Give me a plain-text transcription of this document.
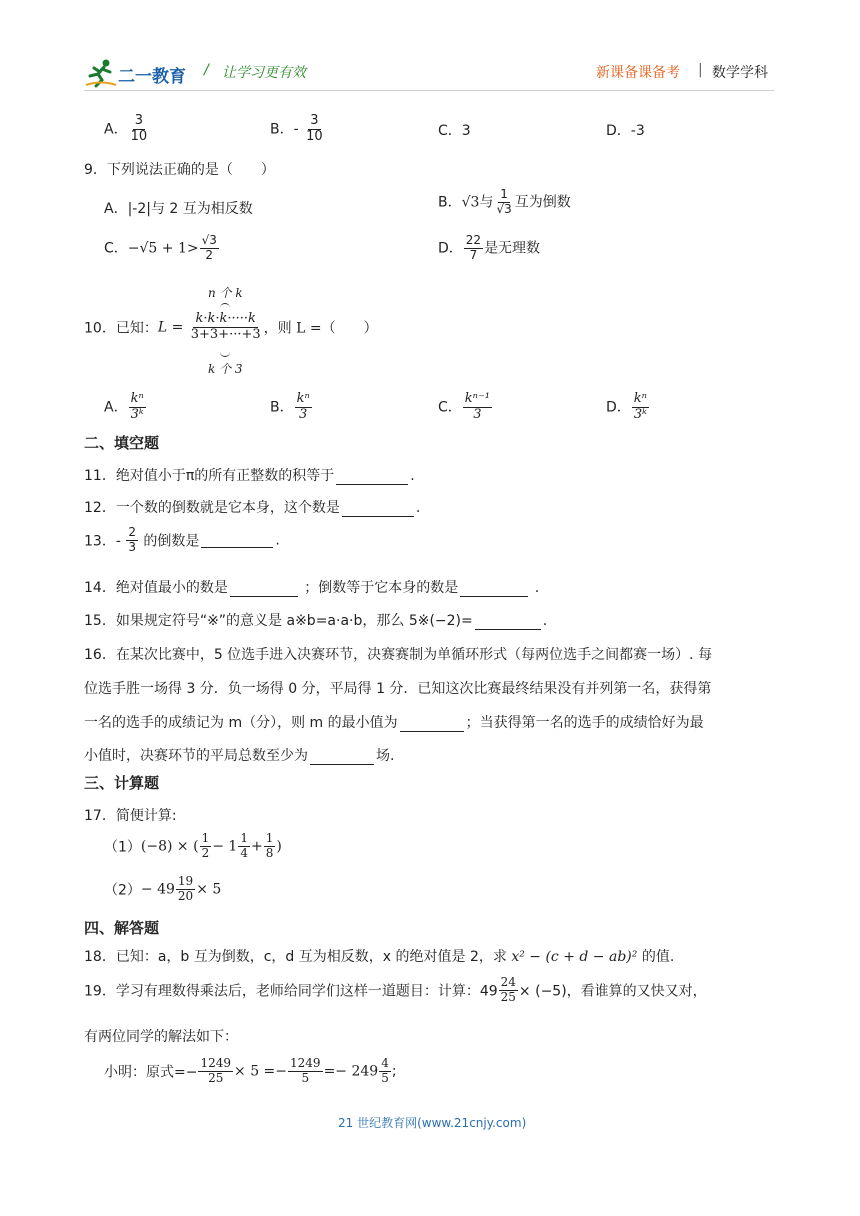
二一教育 / 让学习更有效	新课备课备考 | 数学学科
A． $\frac{3}{10}$	B．- $\frac{3}{10}$	C．3	D．-3
9．下列说法正确的是（　　）
A．|-2|与 2 互为相反数	B．√3与 $\frac{1}{√3}$ 互为倒数
C．$-√5 + 1> \frac{√3}{2}$	D． $\frac{22}{7}$ 是无理数
n 个 k
10．已知：$L = \frac{k\cdot k\cdot k\cdot\cdot\cdot\cdot\cdot k}{3+3+\cdot\cdot\cdot+3}$ ，则 L =（　　）
k 个 3
A． $\frac{\text{kⁿ}}{\text{3ᵏ}}$	B． $\frac{\text{kⁿ}}{3}$	C． $\frac{\text{kⁿ⁻¹}}{3}$	D． $\frac{\text{kⁿ}}{\text{3ᵏ}}$
二、填空题
11．绝对值小于π的所有正整数的积等于	.
12．一个数的倒数就是它本身，这个数是	.
13．- $\frac{2}{3}$ 的倒数是	.
14．绝对值最小的数是	；倒数等于它本身的数是	.
15．如果规定符号“※”的意义是 a※b=a·a·b，那么 5※(−2)=	.
16．在某次比赛中，5 位选手进入决赛环节，决赛赛制为单循环形式（每两位选手之间都赛一场）. 每
位选手胜一场得 3 分．负一场得 0 分，平局得 1 分．已知这次比赛最终结果没有并列第一名，获得第
一名的选手的成绩记为 m（分），则 m 的最小值为	；当获得第一名的选手的成绩恰好为最
小值时，决赛环节的平局总数至少为	场.
三、计算题
17．简便计算:
（1）(−8) × ( $\frac{1}{2} - 1 \frac{1}{4} + \frac{1}{8}$ )
$(2)- 49 \frac{19}{20} \times 5$
四、解答题
18．已知：a，b 互为倒数，c，d 互为相反数，x 的绝对值是 2，求 x² − (c + d − ab)² 的值.
19．学习有理数得乘法后，老师给同学们这样一道题目：计算：$49 \frac{24}{25} \times (-5)$，看谁算的又快又对，
有两位同学的解法如下：
小明：原式=− $\frac{1249}{25} \times 5 =- \frac{1249}{5} =- 249 \frac{4}{5}$ ;
21 世纪教育网(www.21cnjy.com)
